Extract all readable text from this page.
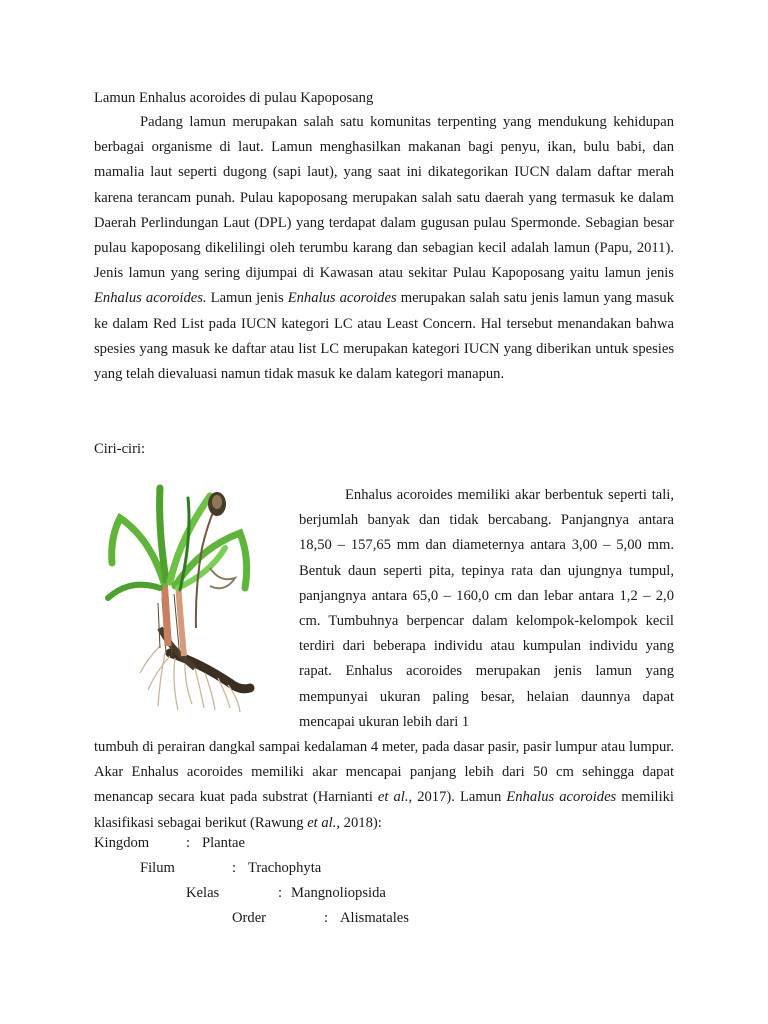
Lamun Enhalus acoroides di pulau Kapoposang
Padang lamun merupakan salah satu komunitas terpenting yang mendukung kehidupan berbagai organisme di laut. Lamun menghasilkan makanan bagi penyu, ikan, bulu babi, dan mamalia laut seperti dugong (sapi laut), yang saat ini dikategorikan IUCN dalam daftar merah karena terancam punah. Pulau kapoposang merupakan salah satu daerah yang termasuk ke dalam Daerah Perlindungan Laut (DPL) yang terdapat dalam gugusan pulau Spermonde. Sebagian besar pulau kapoposang dikelilingi oleh terumbu karang dan sebagian kecil adalah lamun (Papu, 2011). Jenis lamun yang sering dijumpai di Kawasan atau sekitar Pulau Kapoposang yaitu lamun jenis Enhalus acoroides. Lamun jenis Enhalus acoroides merupakan salah satu jenis lamun yang masuk ke dalam Red List pada IUCN kategori LC atau Least Concern. Hal tersebut menandakan bahwa spesies yang masuk ke daftar atau list LC merupakan kategori IUCN yang diberikan untuk spesies yang telah dievaluasi namun tidak masuk ke dalam kategori manapun.
Ciri-ciri:
Enhalus acoroides memiliki akar berbentuk seperti tali, berjumlah banyak dan tidak bercabang. Panjangnya antara 18,50 – 157,65 mm dan diameternya antara 3,00 – 5,00 mm. Bentuk daun seperti pita, tepinya rata dan ujungnya tumpul, panjangnya antara 65,0 – 160,0 cm dan lebar antara 1,2 – 2,0 cm. Tumbuhnya berpencar dalam kelompok-kelompok kecil terdiri dari beberapa individu atau kumpulan individu yang rapat. Enhalus acoroides merupakan jenis lamun yang mempunyai ukuran paling besar, helaian daunnya dapat mencapai ukuran lebih dari 1
tumbuh di perairan dangkal sampai kedalaman 4 meter, pada dasar pasir, pasir lumpur atau lumpur. Akar Enhalus acoroides memiliki akar mencapai panjang lebih dari 50 cm sehingga dapat menancap secara kuat pada substrat (Harnianti et al., 2017). Lamun Enhalus acoroides memiliki klasifikasi sebagai berikut (Rawung et al., 2018):
Kingdom	: Plantae
Filum	: Trachophyta
Kelas	: Mangnoliopsida
Order	: Alismatales
